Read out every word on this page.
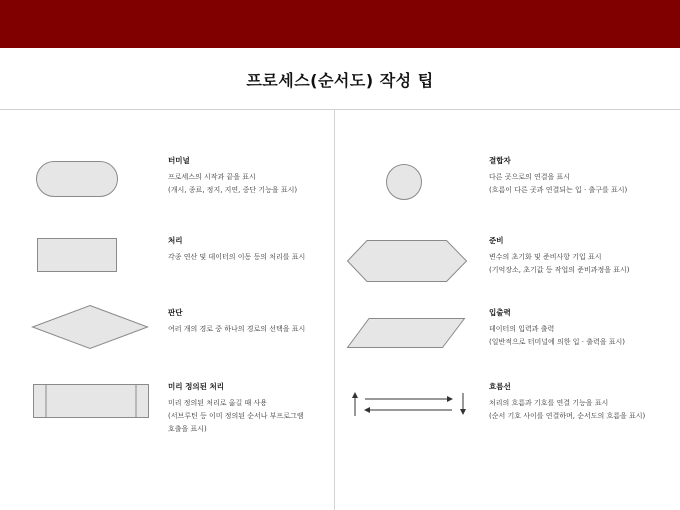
프로세스(순서도) 작성 팁
터미널
프로세스의 시작과 끝을 표시
(개시, 종료, 정지, 지연, 중단 기능을 표시)
처리
각종 연산 및 데이터의 이동 등의 처리를 표시
판단
여러 개의 경로 중 하나의 경로의 선택을 표시
미리 정의된 처리
미리 정의된 처리로 옮길 때 사용
(서브루틴 등 이미 정의된 순서나 부프로그램
호출을 표시)
결합자
다른 곳으로의 연결을 표시
(흐름이 다른 곳과 연결되는 입 · 출구를 표시)
준비
변수의 초기화 및 준비사항 기입 표시
(기억장소, 초기값 등 작업의 준비과정을 표시)
입출력
데이터의 입력과 출력
(일반적으로 터미널에 의한 입 · 출력을 표시)
흐름선
처리의 흐름과 기호를 연결 기능을 표시
(순서 기호 사이를 연결하며, 순서도의 흐름을 표시)
